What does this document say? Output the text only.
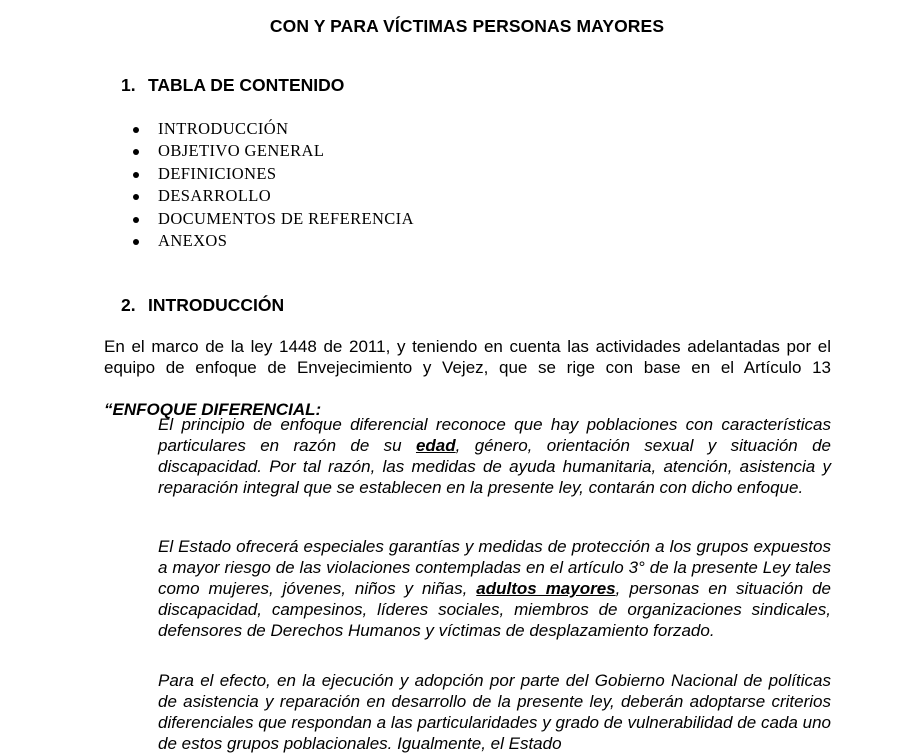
CON Y PARA VÍCTIMAS PERSONAS MAYORES
1. TABLA DE CONTENIDO
INTRODUCCIÓN
OBJETIVO GENERAL
DEFINICIONES
DESARROLLO
DOCUMENTOS DE REFERENCIA
ANEXOS
2. INTRODUCCIÓN
En el marco de la ley 1448 de 2011, y teniendo en cuenta las actividades adelantadas por el equipo de enfoque de Envejecimiento y Vejez, que se rige con base en el Artículo 13“ENFOQUE DIFERENCIAL:
El principio de enfoque diferencial reconoce que hay poblaciones con características particulares en razón de su edad, género, orientación sexual y situación de discapacidad. Por tal razón, las medidas de ayuda humanitaria, atención, asistencia y reparación integral que se establecen en la presente ley, contarán con dicho enfoque.
El Estado ofrecerá especiales garantías y medidas de protección a los grupos expuestos a mayor riesgo de las violaciones contempladas en el artículo 3° de la presente Ley tales como mujeres, jóvenes, niños y niñas, adultos mayores, personas en situación de discapacidad, campesinos, líderes sociales, miembros de organizaciones sindicales, defensores de Derechos Humanos y víctimas de desplazamiento forzado.
Para el efecto, en la ejecución y adopción por parte del Gobierno Nacional de políticas de asistencia y reparación en desarrollo de la presente ley, deberán adoptarse criterios diferenciales que respondan a las particularidades y grado de vulnerabilidad de cada uno de estos grupos poblacionales. Igualmente, el Estado
